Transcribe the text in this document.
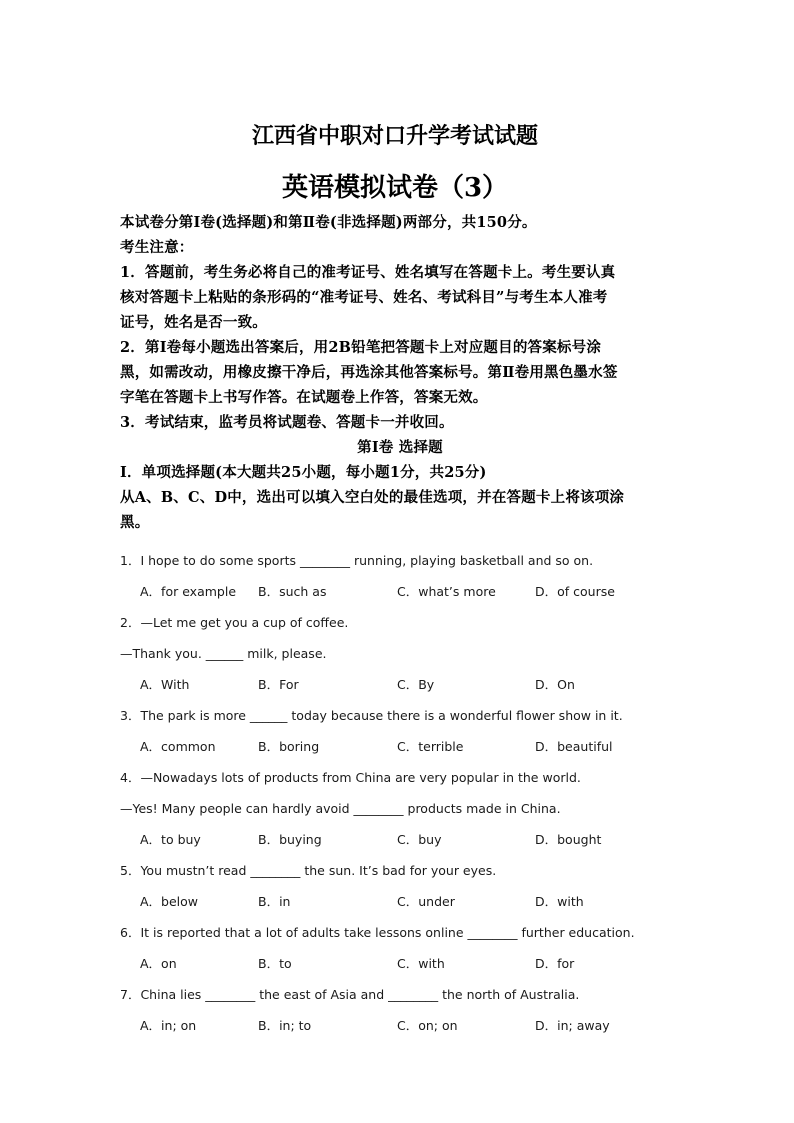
江西省中职对口升学考试试题
英语模拟试卷（3）

本试卷分第Ⅰ卷(选择题)和第Ⅱ卷(非选择题)两部分，共150分。

考生注意：

1．答题前，考生务必将自己的准考证号、姓名填写在答题卡上。考生要认真

核对答题卡上粘贴的条形码的“准考证号、姓名、考试科目”与考生本人准考

证号，姓名是否一致。

2．第Ⅰ卷每小题选出答案后，用2B铅笔把答题卡上对应题目的答案标号涂

黑，如需改动，用橡皮擦干净后，再选涂其他答案标号。第Ⅱ卷用黑色墨水签

字笔在答题卡上书写作答。在试题卷上作答，答案无效。

3．考试结束，监考员将试题卷、答题卡一并收回。

第Ⅰ卷 选择题

Ⅰ．单项选择题(本大题共25小题，每小题1分，共25分)

从A、B、C、D中，选出可以填入空白处的最佳选项，并在答题卡上将该项涂

黑。

1．I hope to do some sports ________ running, playing basketball and so on.
A．for example B．such as	C．what’s more	D．of course
2．—Let me get you a cup of coffee.
—Thank you. ______ milk, please.
A．With	B．For	C．By	D．On
3．The park is more ______ today because there is a wonderful flower show in it.
A．common	B．boring	C．terrible	D．beautiful
4．—Nowadays lots of products from China are very popular in the world.
—Yes! Many people can hardly avoid ________ products made in China.
A．to buy	B．buying	C．buy	D．bought
5．You mustn’t read ________ the sun. It’s bad for your eyes.
A．below	B．in	C．under	D．with
6．It is reported that a lot of adults take lessons online ________ further education.
A．on	B．to	C．with	D．for
7．China lies ________ the east of Asia and ________ the north of Australia.
A．in; on	B．in; to	C．on; on	D．in; away
